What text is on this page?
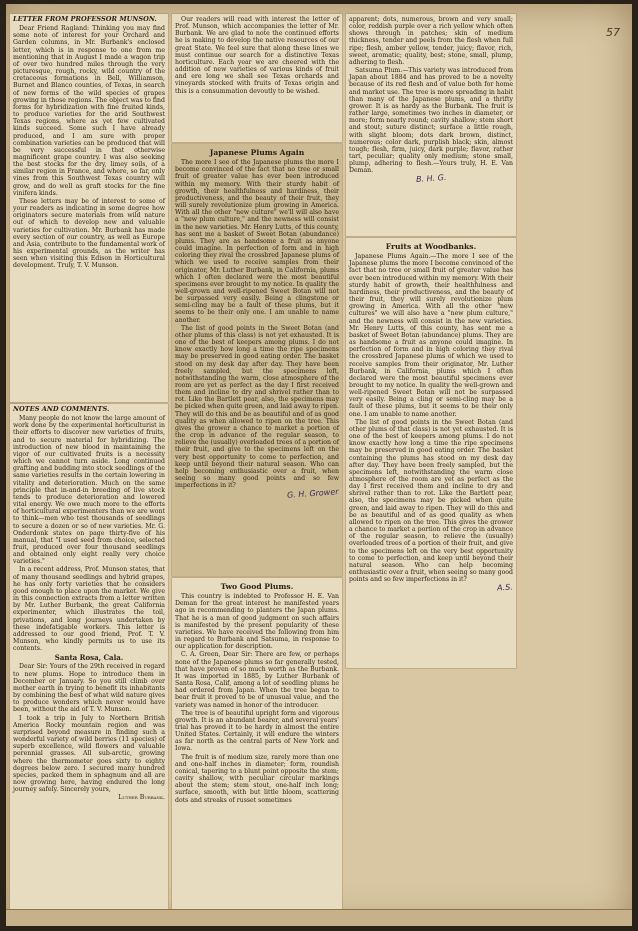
57
LETTER FROM PROFESSOR MUNSON.

Dear Friend Ragland: Thinking you may find some note of interest for your Orchard and Garden columns, in Mr. Burbank's enclosed letter, which is in response to one from me mentioning that in August I made a wagon trip of over two hundred miles through the very picturesque, rough, rocky, wild country of the cretaceous formations in Bell, Williamson, Burnet and Blanco counties, of Texas, in search of new forms of the wild species of grapes growing in those regions. The object was to find forms for hybridization with fine fruited kinds, to produce varieties for the arid Southwest Texas regions, where as yet few cultivated kinds succeed. Some such I have already produced, and I am sure with proper combination varieties can be produced that will be very successful in that otherwise magnificent grape country. I was also seeking the best stocks for the dry, limey soils, of a similar region in France, and where, so far, only vines from this Southwest Texas country will grow, and do well as graft stocks for the fine vinifera kinds.

These letters may be of interest to some of your readers as indicating in some degree how originators secure materials from wild nature out of which to develop new and valuable varieties for cultivation. Mr. Burbank has made every section of our country, as well as Europe and Asia, contribute to the fundamental work of his experimental grounds, as the writer has seen when visiting this Edison in Horticultural development. Truly, T. V. Munson.

NOTES AND COMMENTS.

Many people do not know the large amount of work done by the experimental horticulturist in their efforts to discover new varieties of fruits, and to secure material for hybridizing. The introduction of new blood in maintaining the vigor of our cultivated fruits is a necessity which we cannot turn aside. Long continued grafting and budding into stock seedlings of the same varieties results in the certain lowering in vitality and deterioration. Much on the same principle that in-and-in breeding of live stock tends to produce deterioration and lowered vital energy. We owe much more to the efforts of horticultural experimenters than we are wont to think—men who test thousands of seedlings to secure a dozen or so of new varieties. Mr. G. Onderdonk states on page thirty-five of his manual, that "I used seed from choice, selected fruit, produced over four thousand seedlings and obtained only eight really very choice varieties."

In a recent address, Prof. Munson states, that of many thousand seedlings and hybrid grapes, he has only forty varieties that he considers good enough to place upon the market. We give in this connection extracts from a letter written by Mr. Luther Burbank, the great California experimenter, which illustrates the toil, privations, and long journeys undertaken by these indefatigable workers. This letter is addressed to our good friend, Prof. T. V. Munson, who kindly permits us to use its contents.

Santa Rosa, Cala.

Dear Sir: Yours of the 29th received in regard to new plums. Hope to introduce them in December or January. So you still climb over mother earth in trying to benefit its inhabitants by combining the best of what wild nature gives to produce wonders which never would have been, without the aid of T. V. Munson.

I took a trip in July to Northern British America Rocky mountain region and was surprised beyond measure in finding such a wonderful variety of wild berries (11 species) of superb excellence, wild flowers and valuable perennial grasses. All sub-arctic, growing where the thermometer goes sixty to eighty degrees below zero. I secured many hundred species, packed them in sphagnum and all are now growing here, having endured the long journey safely. Sincerely yours,

Luther Burbank.

Our readers will read with interest the letter of Prof. Munson, which accompanies the letter of Mr. Burbank. We are glad to note the continued efforts he is making to develop the native resources of our great State. We feel sure that along these lines we must continue our search for a distinctive Texas horticulture. Each year we are cheered with the addition of new varieties of various kinds of fruit and ere long we shall see Texas orchards and vineyards stocked with fruits of Texas origin and this is a consummation devoutly to be wished.

Japanese Plums Again

The more I see of the Japanese plums the more I become convinced of the fact that no tree or small fruit of greater value has ever been introduced within my memory. With their sturdy habit of growth, their healthfulness and hardiness, their productiveness, and the beauty of their fruit, they will surely revolutionize plum growing in America. With all the other "new culture" we'll will also have a "new plum culture," and the newness will consist in the new varieties. Mr. Henry Lutts, of this county, has sent me a basket of Sweet Botan (abundance) plums. They are as handsome a fruit as anyone could imagine. In perfection of form and in high coloring they rival the crossbred Japanese plums of which we used to receive samples from their originator, Mr. Luther Burbank, in California, plums which I often declared were the most beautiful specimens ever brought to my notice. In quality the well-grown and well-ripened Sweet Botan will not be surpassed very easily. Being a clingstone or semi-cling may be a fault of these plums, but it seems to be their only one. I am unable to name another.

The list of good points in the Sweet Botan (and other plums of this class) is not yet exhausted. It is one of the best of keepers among plums. I do not know exactly how long a time the ripe specimens may be preserved in good eating order. The basket stood on my desk day after day. They have been freely sampled, but the specimens left, notwithstanding the warm, close atmosphere of the room are yet as perfect as the day I first received them and incline to dry and shrivel rather than to rot. Like the Bartlett pear, also, the specimens may be picked when quite green, and laid away to ripen. They will do this and be as beautiful and of as good quality as when allowed to ripen on the tree. This gives the grower a chance to market a portion of the crop in advance of the regular season, to relieve the (usually) overloaded trees of a portion of their fruit, and give to the specimens left on the very best opportunity to come to perfection, and keep until beyond their natural season. Who can help becoming enthusiastic over a fruit, when seeing so many good points and so few imperfections in it?

G. H. Grower
Two Good Plums.

This country is indebted to Professor H. E. Van Deman for the great interest he manifested years ago in recommending to planters the Japan plums. That he is a man of good judgment on such affairs is manifested by the present popularity of these varieties. We have received the following from him in regard to Burbank and Satsuma, in response to our application for description.

C. A. Green, Dear Sir: There are few, or perhaps none of the Japanese plums so far generally tested, that have proven of so much worth as the Burbank. It was imported in 1885, by Luther Burbank of Santa Rosa, Calif, among a lot of seedling plums he had ordered from Japan. When the tree began to bear fruit it proved to be of unusual value, and the variety was named in honor of the introducer.

The tree is of beautiful upright form and vigorous growth. It is an abundant bearer, and several years' trial has proved it to be hardy in almost the entire United States. Certainly, it will endure the winters as far north as the central parts of New York and Iowa.

The fruit is of medium size, rarely more than one and one-half inches in diameter; form, roundish conical, tapering to a blunt point opposite the stem; cavity shallow, with peculiar circular markings about the stem; stem stout, one-half inch long; surface, smooth, with but little bloom, scattering dots and streaks of russet sometimes

apparent; dots, numerous, brown and very small; color, reddish purple over a rich yellow which often shows through in patches; skin of medium thickness, tender and peels from the flesh when full ripe; flesh, amber yellow, tender, juicy; flavor, rich, sweet, aromatic; quality, best; stone, small, plump, adhering to flesh.

Satsuma Plum.—This variety was introduced from Japan about 1884 and has proved to be a novelty because of its red flesh and of value both for home and market use. The tree is more spreading in habit than many of the Japanese plums, and a thrifty grower. It is as hardy as the Burbank. The fruit is rather large, sometimes two inches in diameter, or more; form nearly round; cavity shallow; stem short and stout; suture distinct; surface a little rough, with slight bloom; dots dark brown, distinct, numerous; color dark, purplish black; skin, almost tough; flesh, firm, juicy, dark purple; flavor, rather tart, peculiar; quality only medium; stone small, plump, adhering to flesh.—Yours truly, H. E. Van Deman.

B. H. G.
Fruits at Woodbanks.

Japanese Plums Again.—The more I see of the Japanese plums the more I become convinced of the fact that no tree or small fruit of greater value has ever been introduced within my memory. With their sturdy habit of growth, their healthfulness and hardiness, their productiveness, and the beauty of their fruit, they will surely revolutionize plum growing in America. With all the other "new cultures" we will also have a "new plum culture," and the newness will consist in the new varieties. Mr. Henry Lutts, of this county, has sent me a basket of Sweet Botan (abundance) plums. They are as handsome a fruit as anyone could imagine. In perfection of form and in high coloring they rival the crossbred Japanese plums of which we used to receive samples from their originator, Mr. Luther Burbank, in California, plums which I often declared were the most beautiful specimens ever brought to my notice. In quality the well-grown and well-ripened Sweet Botan will not be surpassed very easily. Being a cling or semi-cling may be a fault of these plums, but it seems to be their only one. I am unable to name another.

The list of good points in the Sweet Botan (and other plums of that class) is not yet exhausted. It is one of the best of keepers among plums. I do not know exactly how long a time the ripe specimens may be preserved in good eating order. The basket containing the plums has stood on my desk day after day. They have been freely sampled, but the specimens left, notwithstanding the warm close atmosphere of the room are yet as perfect as the day I first received them and incline to dry and shrivel rather than to rot. Like the Bartlett pear, also, the specimens may be picked when quite green, and laid away to ripen. They will do this and be as beautiful and of as good quality as when allowed to ripen on the tree. This gives the grower a chance to market a portion of the crop in advance of the regular season, to relieve the (usually) overloaded trees of a portion of their fruit, and give to the specimens left on the very best opportunity to come to perfection, and keep until beyond their natural season. Who can help becoming enthusiastic over a fruit, when seeing so many good points and so few imperfections in it?

A.S.
